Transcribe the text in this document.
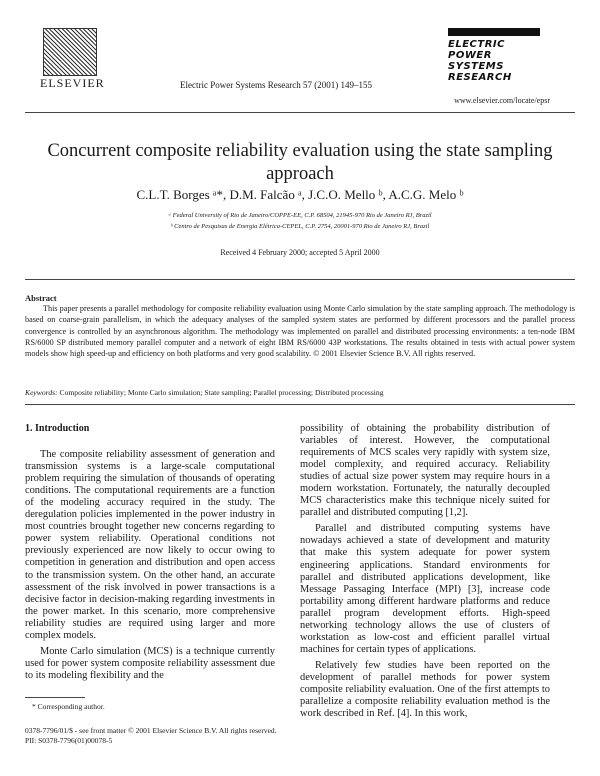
ELSEVIER	Electric Power Systems Research 57 (2001) 149–155
ELECTRIC
POWER
SYSTEMS
RESEARCH
www.elsevier.com/locate/epsr
Concurrent composite reliability evaluation using the state sampling approach
C.L.T. Borges ᵃ*, D.M. Falcão ᵃ, J.C.O. Mello ᵇ, A.C.G. Melo ᵇ
ᵃ Federal University of Rio de Janeiro/COPPE-EE, C.P. 68504, 21945-970 Rio de Janeiro RJ, Brazil
ᵇ Centro de Pesquisas de Energia Elétrica-CEPEL, C.P. 2754, 20001-970 Rio de Janeiro RJ, Brazil
Received 4 February 2000; accepted 5 April 2000
Abstract
This paper presents a parallel methodology for composite reliability evaluation using Monte Carlo simulation by the state sampling approach. The methodology is based on coarse-grain parallelism, in which the adequacy analyses of the sampled system states are performed by different processors and the parallel process convergence is controlled by an asynchronous algorithm. The methodology was implemented on parallel and distributed processing environments: a ten-node IBM RS/6000 SP distributed memory parallel computer and a network of eight IBM RS/6000 43P workstations. The results obtained in tests with actual power system models show high speed-up and efficiency on both platforms and very good scalability. © 2001 Elsevier Science B.V. All rights reserved.
Keywords: Composite reliability; Monte Carlo simulation; State sampling; Parallel processing; Distributed processing
1. Introduction

The composite reliability assessment of generation and transmission systems is a large-scale computational problem requiring the simulation of thousands of operating conditions. The computational requirements are a function of the modeling accuracy required in the study. The deregulation policies implemented in the power industry in most countries brought together new concerns regarding to power system reliability. Operational conditions not previously experienced are now likely to occur owing to competition in generation and distribution and open access to the transmission system. On the other hand, an accurate assessment of the risk involved in power transactions is a decisive factor in decision-making regarding investments in the power market. In this scenario, more comprehensive reliability studies are required using larger and more complex models.

Monte Carlo simulation (MCS) is a technique currently used for power system composite reliability assessment due to its modeling flexibility and the

possibility of obtaining the probability distribution of variables of interest. However, the computational requirements of MCS scales very rapidly with system size, model complexity, and required accuracy. Reliability studies of actual size power system may require hours in a modern workstation. Fortunately, the naturally decoupled MCS characteristics make this technique nicely suited for parallel and distributed computing [1,2].

Parallel and distributed computing systems have nowadays achieved a state of development and maturity that make this system adequate for power system engineering applications. Standard environments for parallel and distributed applications development, like Message Passaging Interface (MPI) [3], increase code portability among different hardware platforms and reduce parallel program development efforts. High-speed networking technology allows the use of clusters of workstation as low-cost and efficient parallel virtual machines for certain types of applications.

Relatively few studies have been reported on the development of parallel methods for power system composite reliability evaluation. One of the first attempts to parallelize a composite reliability evaluation method is the work described in Ref. [4]. In this work,

* Corresponding author.
0378-7796/01/$ - see front matter © 2001 Elsevier Science B.V. All rights reserved.
PII: S0378-7796(01)00078-5
